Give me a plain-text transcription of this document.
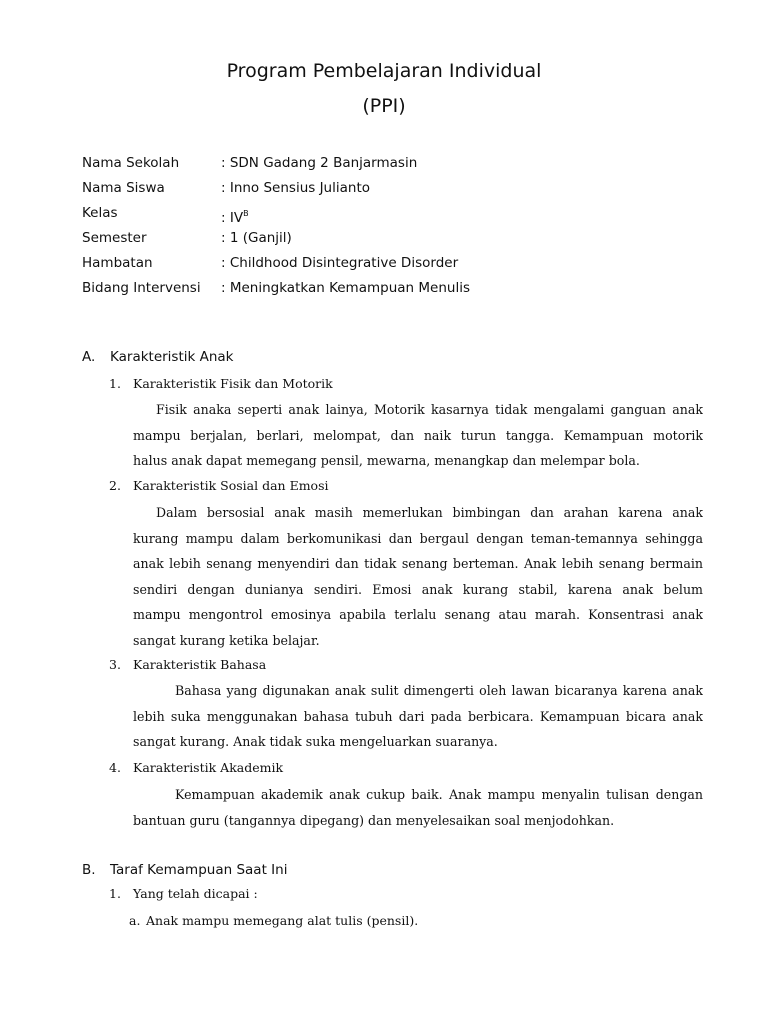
Program Pembelajaran Individual
(PPI)
Nama Sekolah	: SDN Gadang 2 Banjarmasin
Nama Siswa	: Inno Sensius Julianto
Kelas	: $IV^B$
Semester	: 1 (Ganjil)
Hambatan	: Childhood Disintegrative Disorder
Bidang Intervensi : Meningkatkan Kemampuan Menulis
A. Karakteristik Anak
1. Karakteristik Fisik dan Motorik
Fisik anaka seperti anak lainya, Motorik kasarnya tidak mengalami ganguan anak
mampu berjalan, berlari, melompat, dan naik turun tangga. Kemampuan motorik
halus anak dapat memegang pensil, mewarna, menangkap dan melempar bola.
2. Karakteristik Sosial dan Emosi
Dalam bersosial anak masih memerlukan bimbingan dan arahan karena anak
kurang mampu dalam berkomunikasi dan bergaul dengan teman-temannya sehingga
anak lebih senang menyendiri dan tidak senang berteman. Anak lebih senang bermain
sendiri dengan dunianya sendiri. Emosi anak kurang stabil, karena anak belum
mampu mengontrol emosinya apabila terlalu senang atau marah. Konsentrasi anak
sangat kurang ketika belajar.
3. Karakteristik Bahasa
Bahasa yang digunakan anak sulit dimengerti oleh lawan bicaranya karena anak
lebih suka menggunakan bahasa tubuh dari pada berbicara. Kemampuan bicara anak
sangat kurang. Anak tidak suka mengeluarkan suaranya.
4. Karakteristik Akademik
Kemampuan akademik anak cukup baik. Anak mampu menyalin tulisan dengan
bantuan guru (tangannya dipegang) dan menyelesaikan soal menjodohkan.
B. Taraf Kemampuan Saat Ini
1. Yang telah dicapai :
a. Anak mampu memegang alat tulis (pensil).
